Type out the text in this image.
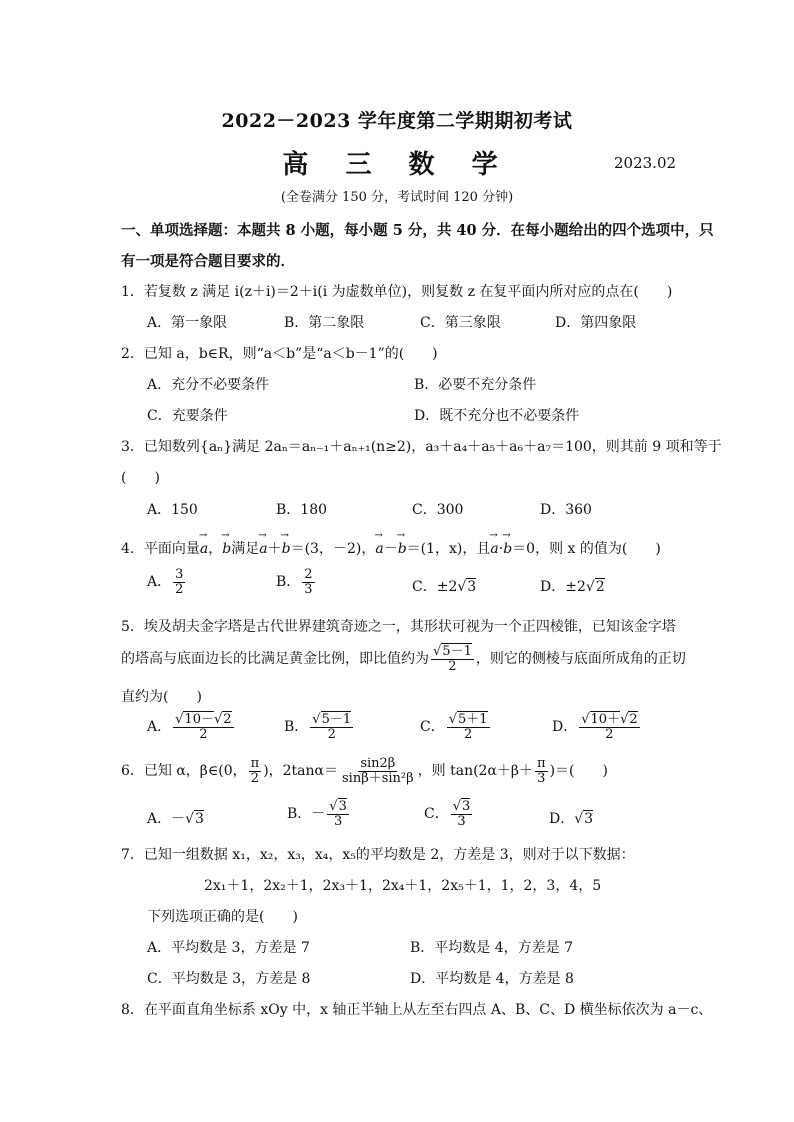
2022－2023 学年度第二学期期初考试
高 三 数 学	2023.02
(全卷满分 150 分，考试时间 120 分钟)
一、单项选择题：本题共 8 小题，每小题 5 分，共 40 分．在每小题给出的四个选项中，只
有一项是符合题目要求的．
1．若复数 z 满足 i(z＋i)＝2＋i(i 为虚数单位)，则复数 z 在复平面内所对应的点在(　　)
A．第一象限	B．第二象限	C．第三象限	D．第四象限
2．已知 a，b∈R，则“a＜b”是“a＜b－1”的(　　)
A．充分不必要条件	B．必要不充分条件
C．充要条件	D．既不充分也不必要条件
3．已知数列{aₙ}满足 2aₙ＝aₙ₋₁＋aₙ₊₁(n≥2)，a₃＋a₄＋a₅＋a₆＋a₇＝100，则其前 9 项和等于
(　　)
A．150	B．180	C．300	D．360
4．平面向量→ a，→ b满足→ a＋→ b＝(3，－2)，→ a－→ b＝(1，x)，且→ a·→ b＝0，则 x 的值为(　　)
A． $\frac{3}{2}$	B． $\frac{2}{3}$	C．±2√3	D．±2√2
5．埃及胡夫金字塔是古代世界建筑奇迹之一，其形状可视为一个正四棱锥，已知该金字塔
的塔高与底面边长的比满足黄金比例，即比值约为 $\frac{√5-1}{2}$ ，则它的侧棱与底面所成角的正切
直约为(　　)
A． $\frac{√10-√2}{2}$	B． $\frac{√5-1}{2}$	C． $\frac{√5+1}{2}$	D． $\frac{√10+√2}{2}$
6．已知 α，β∈(0， $\frac{\pi}{2}$ )，$2\tan\alpha= \frac{\sin 2\beta}{\text{sinβ＋sin²β}}$ ，则 $\tan(2\alpha+\beta+ \frac{\pi}{3}$ )＝(　　)
A．－√3	B．－ $\frac{√3}{3}$	C． $\frac{√3}{3}$	D．√3
7．已知一组数据 x₁，x₂，x₃，x₄，x₅的平均数是 2，方差是 3，则对于以下数据：
2x₁＋1，2x₂＋1，2x₃＋1，2x₄＋1，2x₅＋1，1，2，3，4，5
下列选项正确的是(　　)
A．平均数是 3，方差是 7	B．平均数是 4，方差是 7
C．平均数是 3，方差是 8	D．平均数是 4，方差是 8
8．在平面直角坐标系 xOy 中，x 轴正半轴上从左至右四点 A、B、C、D 横坐标依次为 a－c、
